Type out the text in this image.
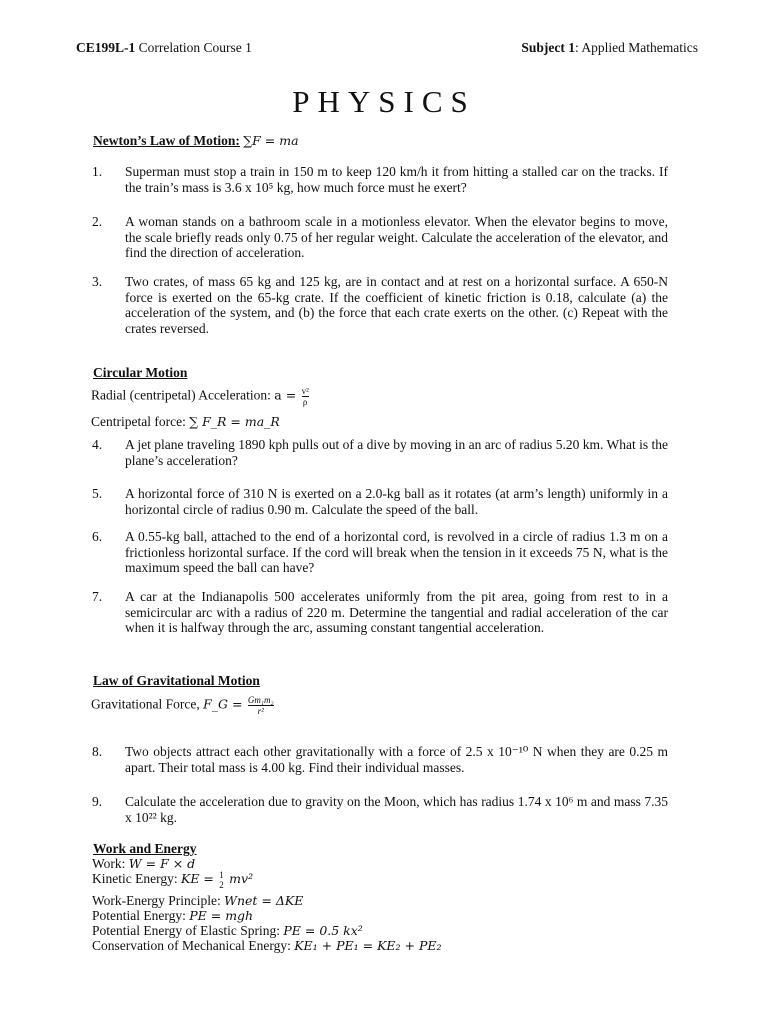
CE199L-1 Correlation Course 1	Subject 1: Applied Mathematics
PHYSICS
Newton’s Law of Motion: ∑F = ma
1.	Superman must stop a train in 150 m to keep 120 km/h it from hitting a stalled car on the tracks. If the train’s mass is 3.6 x 10⁵ kg, how much force must he exert?
2.	A woman stands on a bathroom scale in a motionless elevator. When the elevator begins to move, the scale briefly reads only 0.75 of her regular weight. Calculate the acceleration of the elevator, and find the direction of acceleration.
3.	Two crates, of mass 65 kg and 125 kg, are in contact and at rest on a horizontal surface. A 650-N force is exerted on the 65-kg crate. If the coefficient of kinetic friction is 0.18, calculate (a) the acceleration of the system, and (b) the force that each crate exerts on the other. (c) Repeat with the crates reversed.
Circular Motion
Radial (centripetal) Acceleration: $a = \frac{\text{v²}}{\rho}$
Centripetal force: ∑ F_R = ma_R
4.	A jet plane traveling 1890 kph pulls out of a dive by moving in an arc of radius 5.20 km. What is the plane’s acceleration?
5.	A horizontal force of 310 N is exerted on a 2.0-kg ball as it rotates (at arm’s length) uniformly in a horizontal circle of radius 0.90 m. Calculate the speed of the ball.
6.	A 0.55-kg ball, attached to the end of a horizontal cord, is revolved in a circle of radius 1.3 m on a frictionless horizontal surface. If the cord will break when the tension in it exceeds 75 N, what is the maximum speed the ball can have?
7.	A car at the Indianapolis 500 accelerates uniformly from the pit area, going from rest to in a semicircular arc with a radius of 220 m. Determine the tangential and radial acceleration of the car when it is halfway through the arc, assuming constant tangential acceleration.
Law of Gravitational Motion
Gravitational Force, F_G = $\frac{\text{Gm₁m₂}}{\text{r²}}$
8.	Two objects attract each other gravitationally with a force of 2.5 x 10⁻¹⁰ N when they are 0.25 m apart. Their total mass is 4.00 kg. Find their individual masses.
9.	Calculate the acceleration due to gravity on the Moon, which has radius 1.74 x 10⁶ m and mass 7.35 x 10²² kg.
Work and Energy
Work: W = F × d
Kinetic Energy: KE = 1
2 mv²
Work-Energy Principle: Wnet = ΔKE
Potential Energy: PE = mgh
Potential Energy of Elastic Spring: PE = 0.5 kx²
Conservation of Mechanical Energy: KE₁ + PE₁ = KE₂ + PE₂
